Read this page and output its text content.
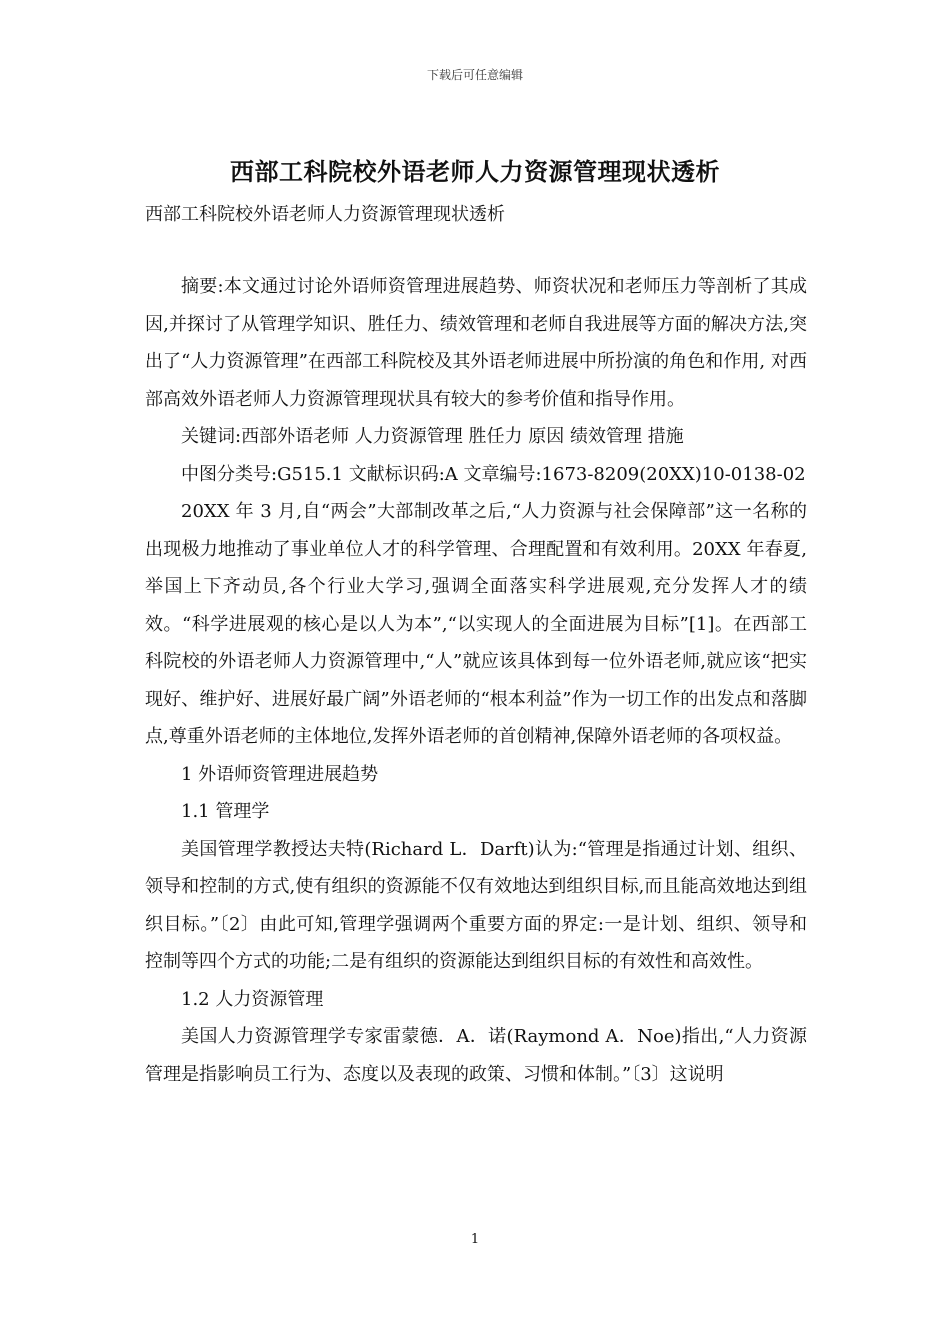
下载后可任意编辑
西部工科院校外语老师人力资源管理现状透析
西部工科院校外语老师人力资源管理现状透析

摘要:本文通过讨论外语师资管理进展趋势、师资状况和老师压力等剖析了其成因,并探讨了从管理学知识、胜任力、绩效管理和老师自我进展等方面的解决方法,突出了“人力资源管理”在西部工科院校及其外语老师进展中所扮演的角色和作用, 对西部高效外语老师人力资源管理现状具有较大的参考价值和指导作用。

关键词:西部外语老师 人力资源管理 胜任力 原因 绩效管理 措施

中图分类号:G515.1 文献标识码:A 文章编号:1673-8209(20XX)10-0138-02

20XX 年 3 月,自“两会”大部制改革之后,“人力资源与社会保障部”这一名称的出现极力地推动了事业单位人才的科学管理、合理配置和有效利用。20XX 年春夏,举国上下齐动员,各个行业大学习,强调全面落实科学进展观,充分发挥人才的绩效。“科学进展观的核心是以人为本”,“以实现人的全面进展为目标”[1]。在西部工科院校的外语老师人力资源管理中,“人”就应该具体到每一位外语老师,就应该“把实现好、维护好、进展好最广阔”外语老师的“根本利益”作为一切工作的出发点和落脚点,尊重外语老师的主体地位,发挥外语老师的首创精神,保障外语老师的各项权益。

1 外语师资管理进展趋势

1.1 管理学

美国管理学教授达夫特(Richard L．Darft)认为:“管理是指通过计划、组织、领导和控制的方式,使有组织的资源能不仅有效地达到组织目标,而且能高效地达到组织目标。”〔2〕由此可知,管理学强调两个重要方面的界定:一是计划、组织、领导和控制等四个方式的功能;二是有组织的资源能达到组织目标的有效性和高效性。

1.2 人力资源管理

美国人力资源管理学专家雷蒙德．A．诺(Raymond A．Noe)指出,“人力资源管理是指影响员工行为、态度以及表现的政策、习惯和体制。”〔3〕这说明

1
